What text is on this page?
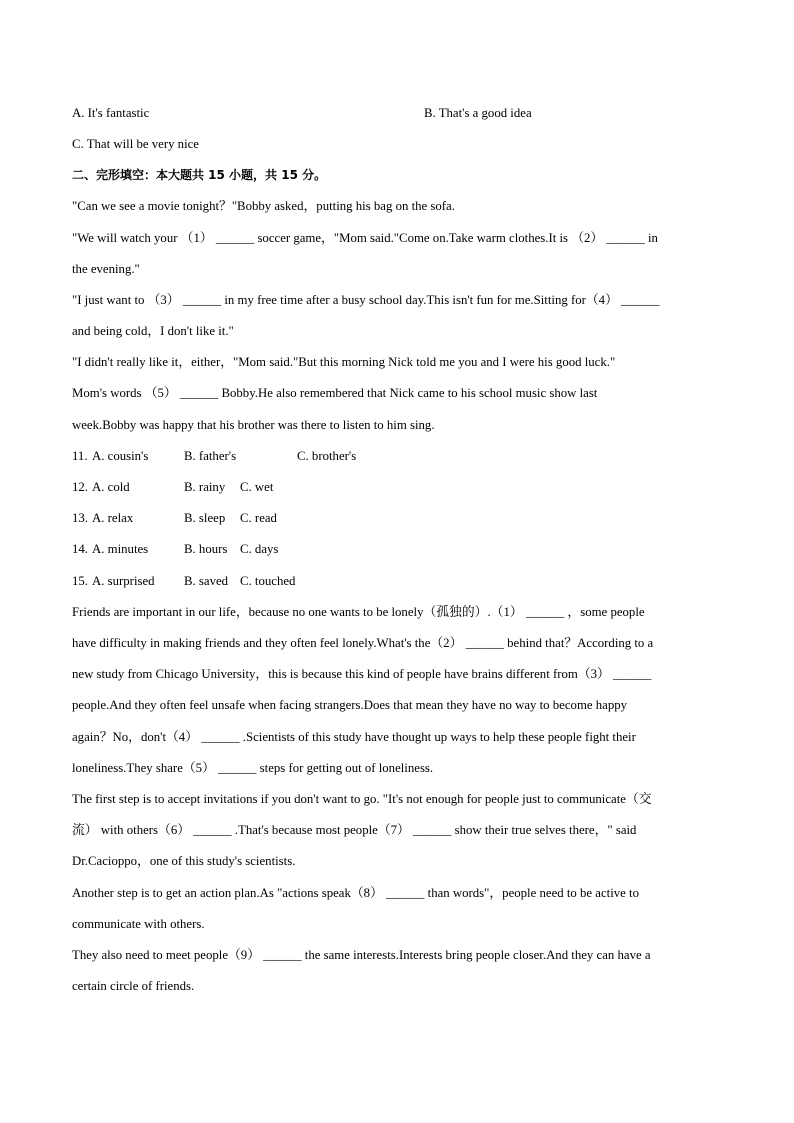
A. It's fantastic	B. That's a good idea
C. That will be very nice
二、完形填空：本大题共 15 小题，共 15 分。
"Can we see a movie tonight？"Bobby asked，putting his bag on the sofa.
"We will watch your （1） ______ soccer game，"Mom said."Come on.Take warm clothes.It is （2） ______ in
the evening."
"I just want to （3） ______ in my free time after a busy school day.This isn't fun for me.Sitting for（4） ______
and being cold，I don't like it."
"I didn't really like it，either，"Mom said."But this morning Nick told me you and I were his good luck."
Mom's words （5） ______ Bobby.He also remembered that Nick came to his school music show last
week.Bobby was happy that his brother was there to listen to him sing.
11. A. cousin's	B. father's	C. brother's
12. A. cold	B. rainy C. wet
13. A. relax	B. sleep C. read
14. A. minutes	B. hours C. days
15. A. surprised B. saved C. touched
Friends are important in our life，because no one wants to be lonely（孤独的）.（1） ______ ，some people
have difficulty in making friends and they often feel lonely.What's the（2） ______ behind that？According to a
new study from Chicago University，this is because this kind of people have brains different from（3） ______
people.And they often feel unsafe when facing strangers.Does that mean they have no way to become happy
again？No，don't（4） ______ .Scientists of this study have thought up ways to help these people fight their
loneliness.They share（5） ______ steps for getting out of loneliness.
The first step is to accept invitations if you don't want to go. "It's not enough for people just to communicate（交
流） with others（6） ______ .That's because most people（7） ______ show their true selves there，" said
Dr.Cacioppo，one of this study's scientists.
Another step is to get an action plan.As "actions speak（8） ______ than words"，people need to be active to
communicate with others.
They also need to meet people（9） ______ the same interests.Interests bring people closer.And they can have a
certain circle of friends.
